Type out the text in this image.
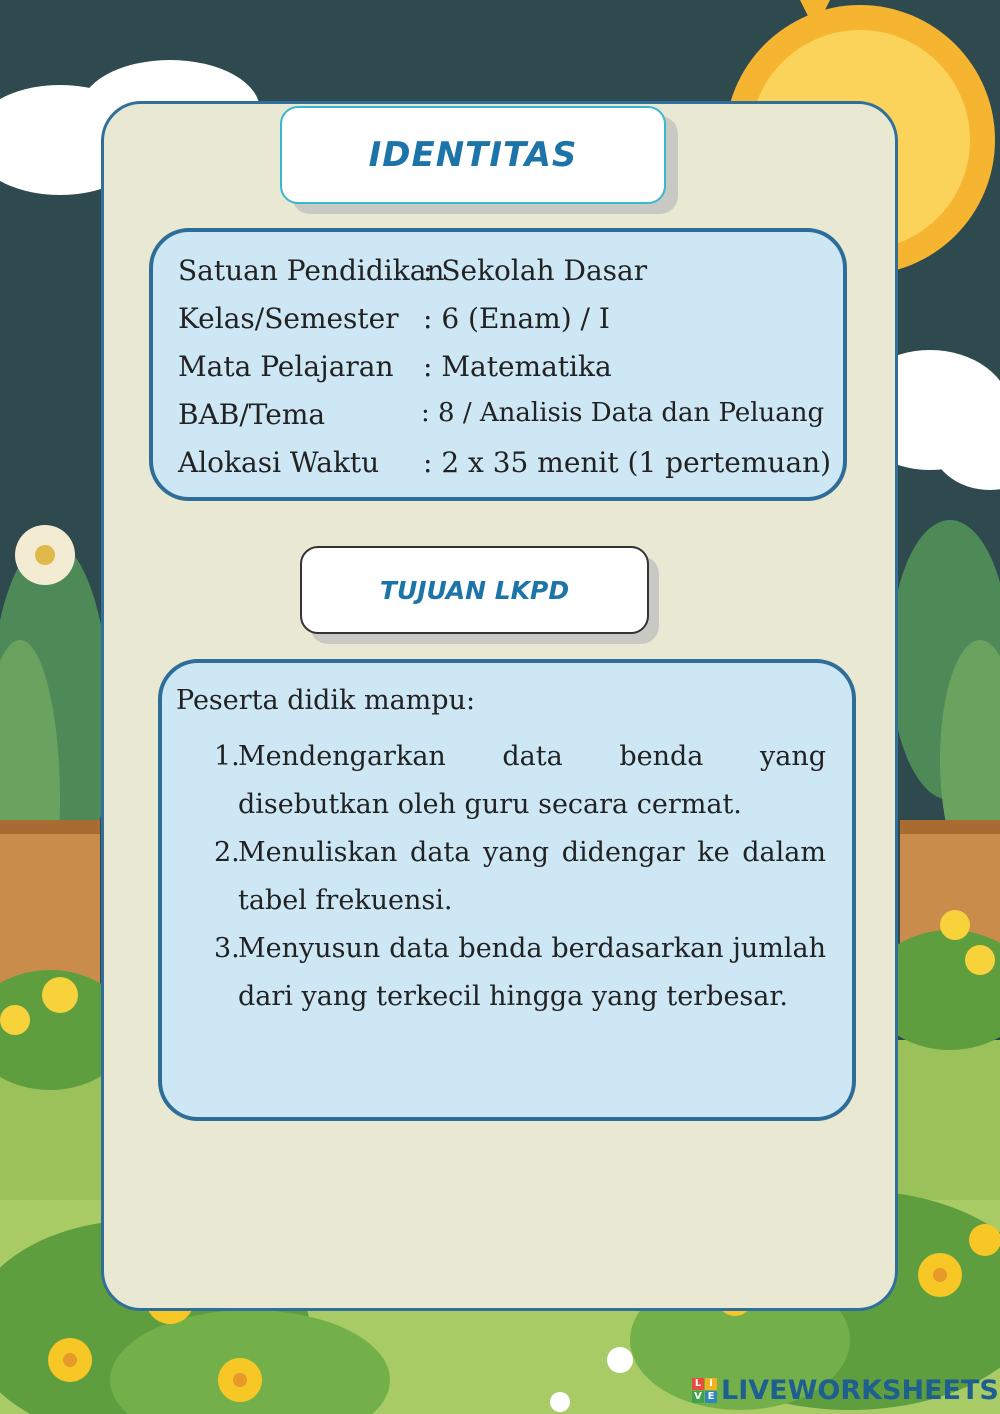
IDENTITAS
Satuan Pendidikan
: Sekolah Dasar
Kelas/Semester : 6 (Enam) / I
Mata Pelajaran : Matematika
BAB/Tema	: 8 / Analisis Data dan Peluang
Alokasi Waktu : 2 x 35 menit (1 pertemuan)
TUJUAN LKPD
Peserta didik mampu:
1.
Mendengarkan data benda yang disebutkan oleh guru secara cermat.
2.
Menuliskan data yang didengar ke dalam tabel frekuensi.
3.
Menyusun data benda berdasarkan jumlah dari yang terkecil hingga yang terbesar.
L I
V E LIVEWORKSHEETS
